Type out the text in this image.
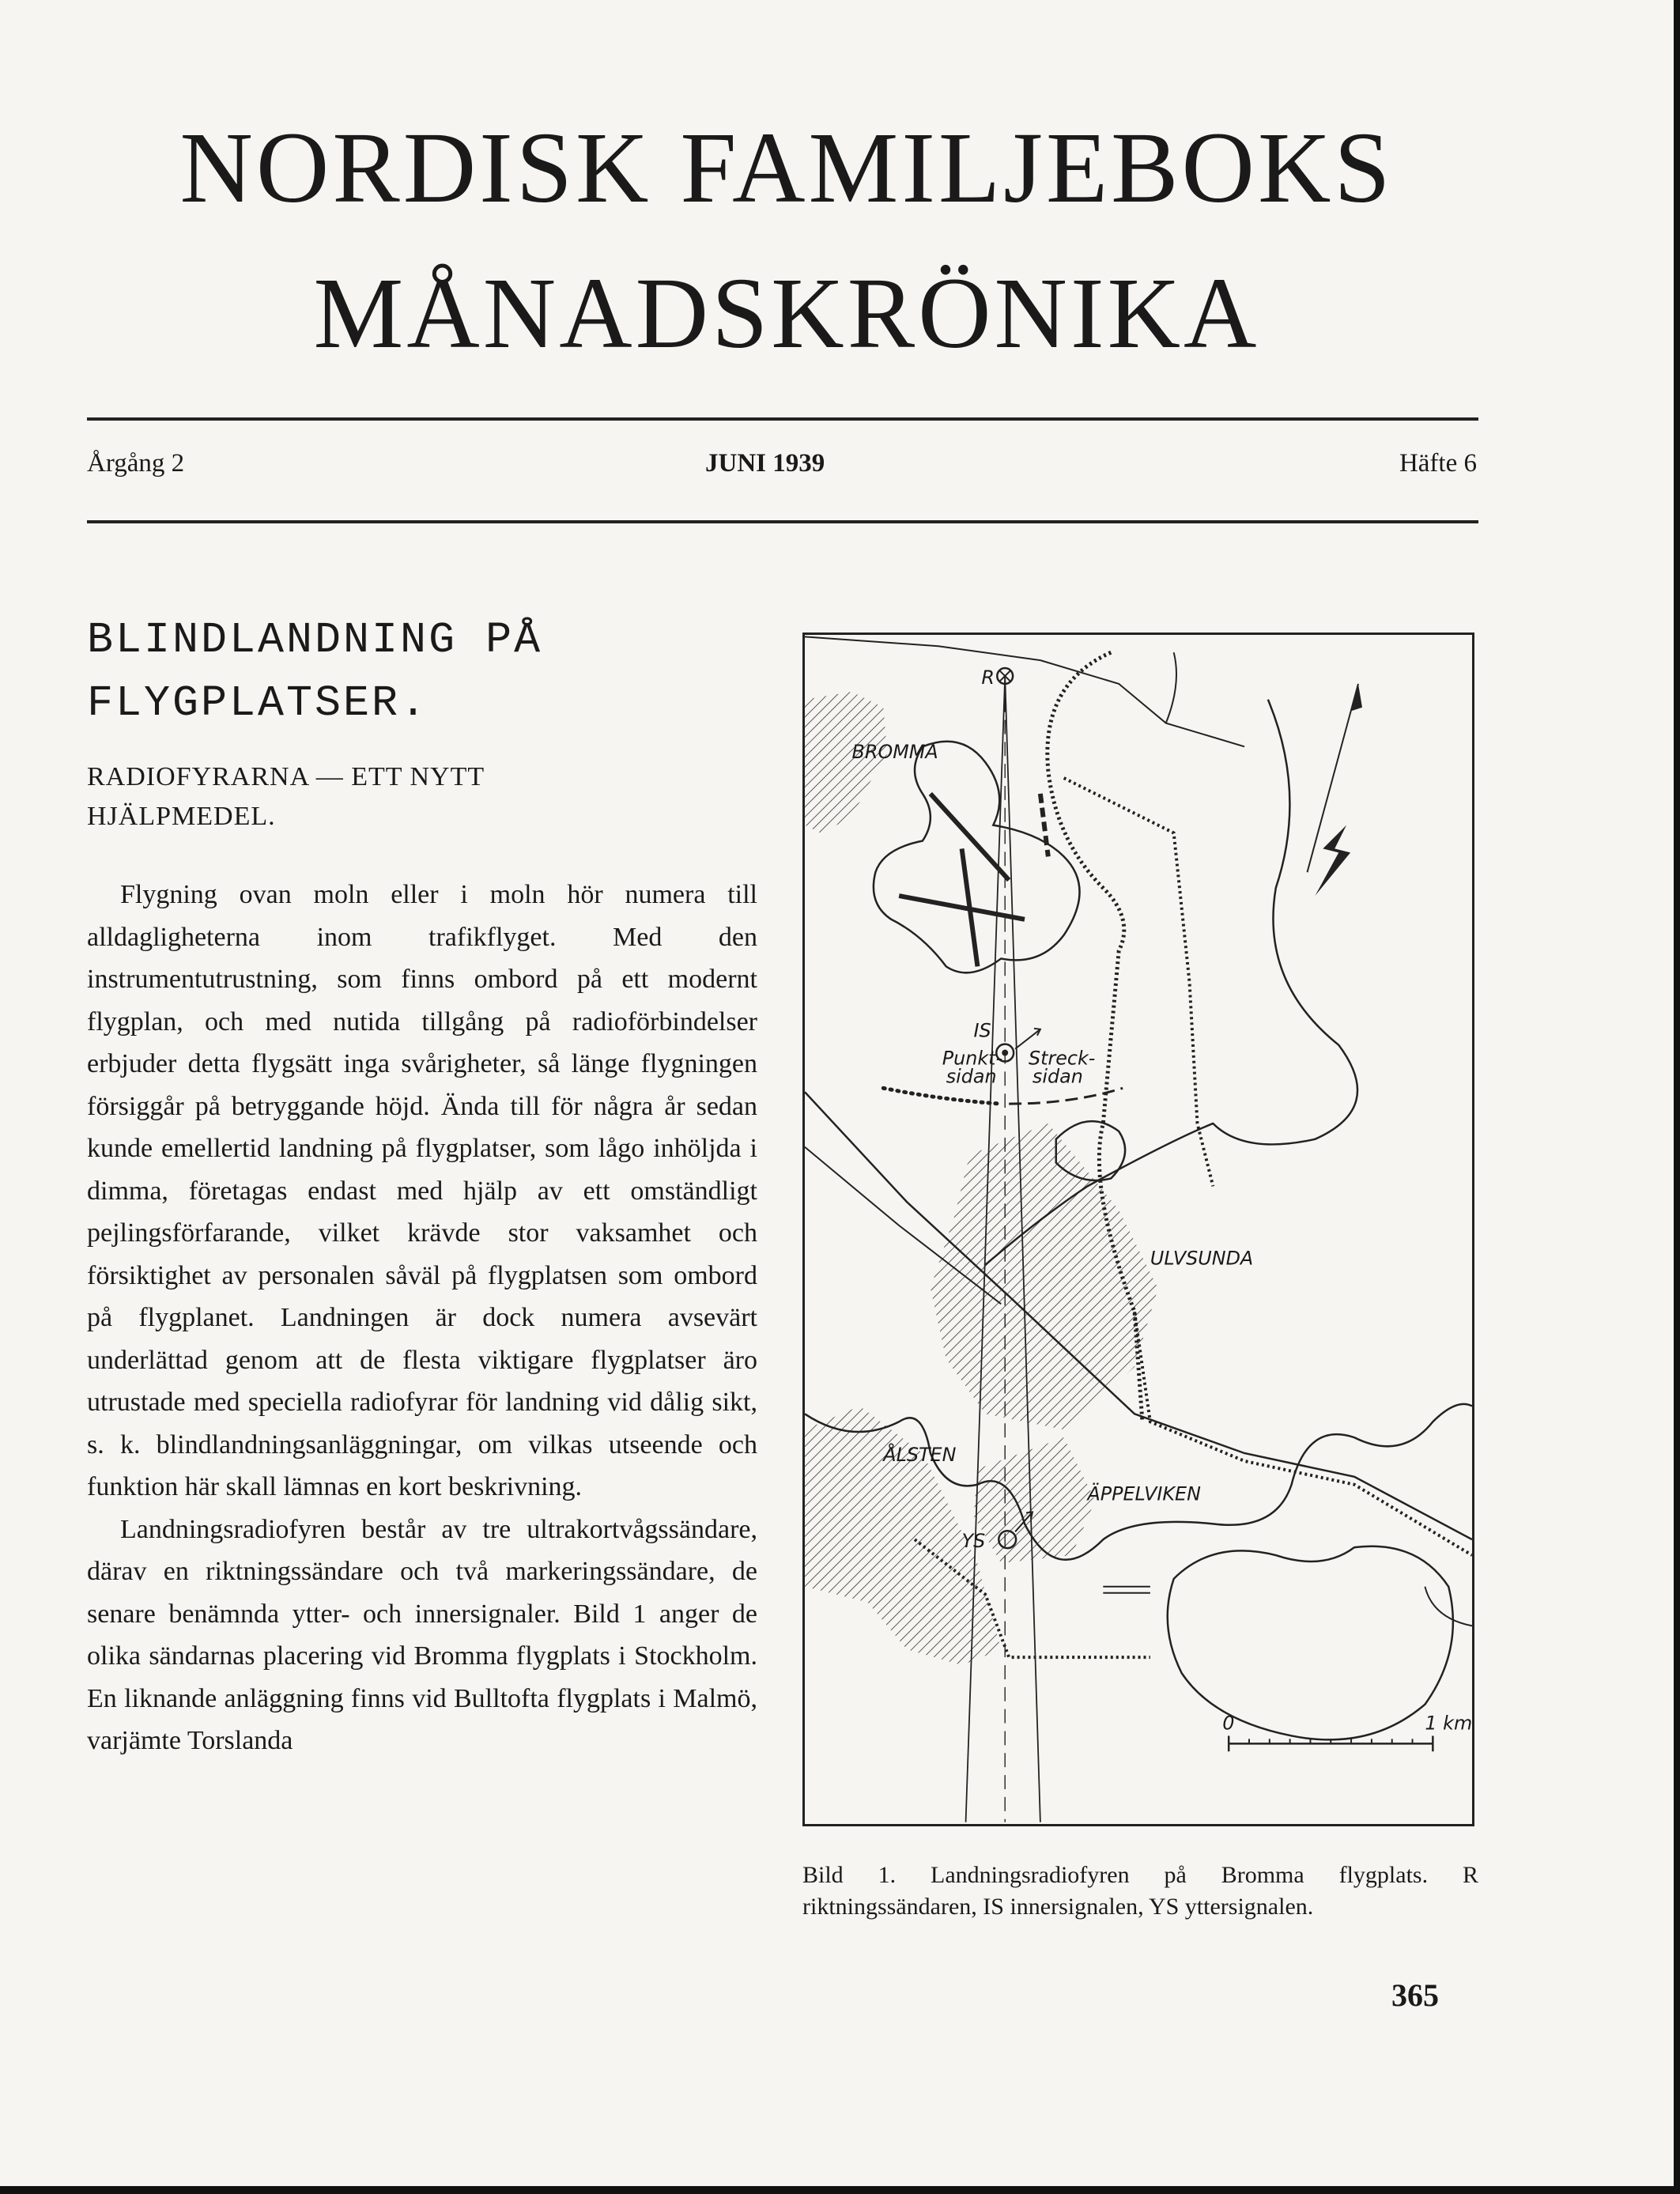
NORDISK FAMILJEBOKS
MÅNADSKRÖNIKA

Årgång 2	JUNI 1939	Häfte 6

BLINDLANDNING PÅ
FLYGPLATSER.
RADIOFYRARNA — ETT NYTT
HJÄLPMEDEL.

Flygning ovan moln eller i moln hör numera till alldagligheterna inom trafikflyget. Med den instrumentutrustning, som finns ombord på ett modernt flygplan, och med nutida tillgång på radioförbindelser erbjuder detta flygsätt inga svårigheter, så länge flygningen försiggår på betryggande höjd. Ända till för några år sedan kunde emellertid landning på flygplatser, som lågo inhöljda i dimma, företagas endast med hjälp av ett omständligt pejlingsförfarande, vilket krävde stor vaksamhet och försiktighet av personalen såväl på flygplatsen som ombord på flygplanet. Landningen är dock numera avsevärt underlättad genom att de flesta viktigare flygplatser äro utrustade med speciella radiofyrar för landning vid dålig sikt, s. k. blindlandningsanläggningar, om vilkas utseende och funktion här skall lämnas en kort beskrivning.

Landningsradiofyren består av tre ultrakortvågssändare, därav en riktningssändare och två markeringssändare, de senare benämnda ytter- och innersignaler. Bild 1 anger de olika sändarnas placering vid Bromma flygplats i Stockholm. En liknande anläggning finns vid Bulltofta flygplats i Malmö, varjämte Torslanda

R
BROMMA
IS
Punkt-
sidan
Streck-
sidan
ULVSUNDA
ÅLSTEN
ÄPPELVIKEN
YS
0	1 km

Bild 1. Landningsradiofyren på Bromma flygplats. R riktningssändaren, IS innersignalen, YS yttersignalen.

365
